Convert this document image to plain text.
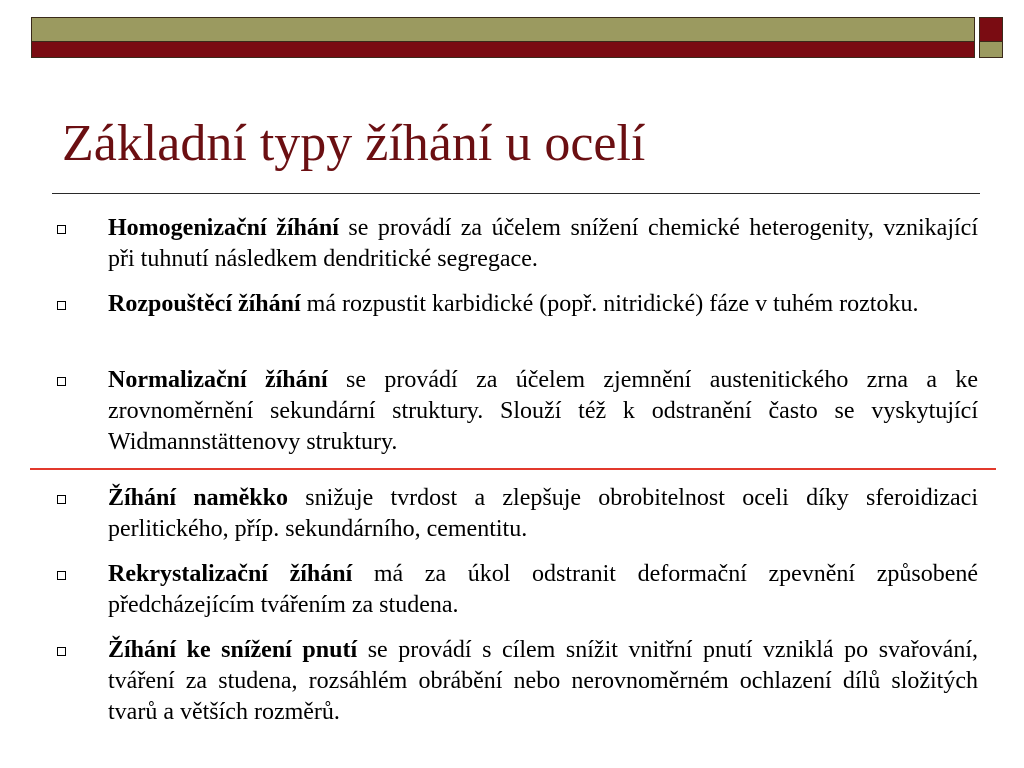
Základní typy žíhání u ocelí

Homogenizační žíhání se provádí za účelem snížení chemické heterogenity, vznikající při tuhnutí následkem dendritické segregace.

Rozpouštěcí žíhání má rozpustit karbidické (popř. nitridické) fáze v tuhém roztoku.

Normalizační žíhání se provádí za účelem zjemnění austenitického zrna a ke zrovnoměrnění sekundární struktury. Slouží též k odstranění často se vyskytující Widmannstättenovy struktury.

Žíhání naměkko snižuje tvrdost a zlepšuje obrobitelnost oceli díky sferoidizaci perlitického, příp. sekundárního, cementitu.

Rekrystalizační žíhání má za úkol odstranit deformační zpevnění způsobené předcházejícím tvářením za studena.

Žíhání ke snížení pnutí se provádí s cílem snížit vnitřní pnutí vzniklá po svařování, tváření za studena, rozsáhlém obrábění nebo nerovnoměrném ochlazení dílů složitých tvarů a větších rozměrů.
